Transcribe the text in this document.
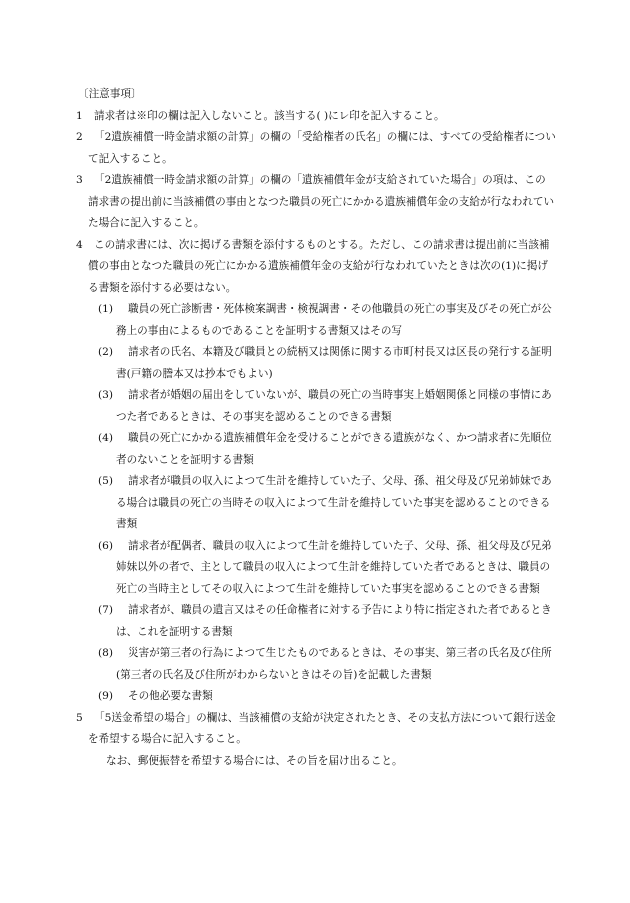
〔注意事項〕
1 請求者は※印の欄は記入しないこと。該当する( )にレ印を記入すること。
2 「2遺族補償一時金請求額の計算」の欄の「受給権者の氏名」の欄には、すべての受給権者について記入すること。
3 「2遺族補償一時金請求額の計算」の欄の「遺族補償年金が支給されていた場合」の項は、この請求書の提出前に当該補償の事由となつた職員の死亡にかかる遺族補償年金の支給が行なわれていた場合に記入すること。
4 この請求書には、次に掲げる書類を添付するものとする。ただし、この請求書は提出前に当該補償の事由となつた職員の死亡にかかる遺族補償年金の支給が行なわれていたときは次の(1)に掲げる書類を添付する必要はない。
(1) 職員の死亡診断書・死体検案調書・検視調書・その他職員の死亡の事実及びその死亡が公務上の事由によるものであることを証明する書類又はその写
(2) 請求者の氏名、本籍及び職員との続柄又は関係に関する市町村長又は区長の発行する証明書(戸籍の謄本又は抄本でもよい)
(3) 請求者が婚姻の届出をしていないが、職員の死亡の当時事実上婚姻関係と同様の事情にあつた者であるときは、その事実を認めることのできる書類
(4) 職員の死亡にかかる遺族補償年金を受けることができる遺族がなく、かつ請求者に先順位者のないことを証明する書類
(5) 請求者が職員の収入によつて生計を維持していた子、父母、孫、祖父母及び兄弟姉妹である場合は職員の死亡の当時その収入によつて生計を維持していた事実を認めることのできる書類
(6) 請求者が配偶者、職員の収入によつて生計を維持していた子、父母、孫、祖父母及び兄弟姉妹以外の者で、主として職員の収入によつて生計を維持していた者であるときは、職員の死亡の当時主としてその収入によつて生計を維持していた事実を認めることのできる書類
(7) 請求者が、職員の遺言又はその任命権者に対する予告により特に指定された者であるときは、これを証明する書類
(8) 災害が第三者の行為によつて生じたものであるときは、その事実、第三者の氏名及び住所(第三者の氏名及び住所がわからないときはその旨)を記載した書類
(9) その他必要な書類
5 「5送金希望の場合」の欄は、当該補償の支給が決定されたとき、その支払方法について銀行送金を希望する場合に記入すること。
なお、郵便振替を希望する場合には、その旨を届け出ること。
